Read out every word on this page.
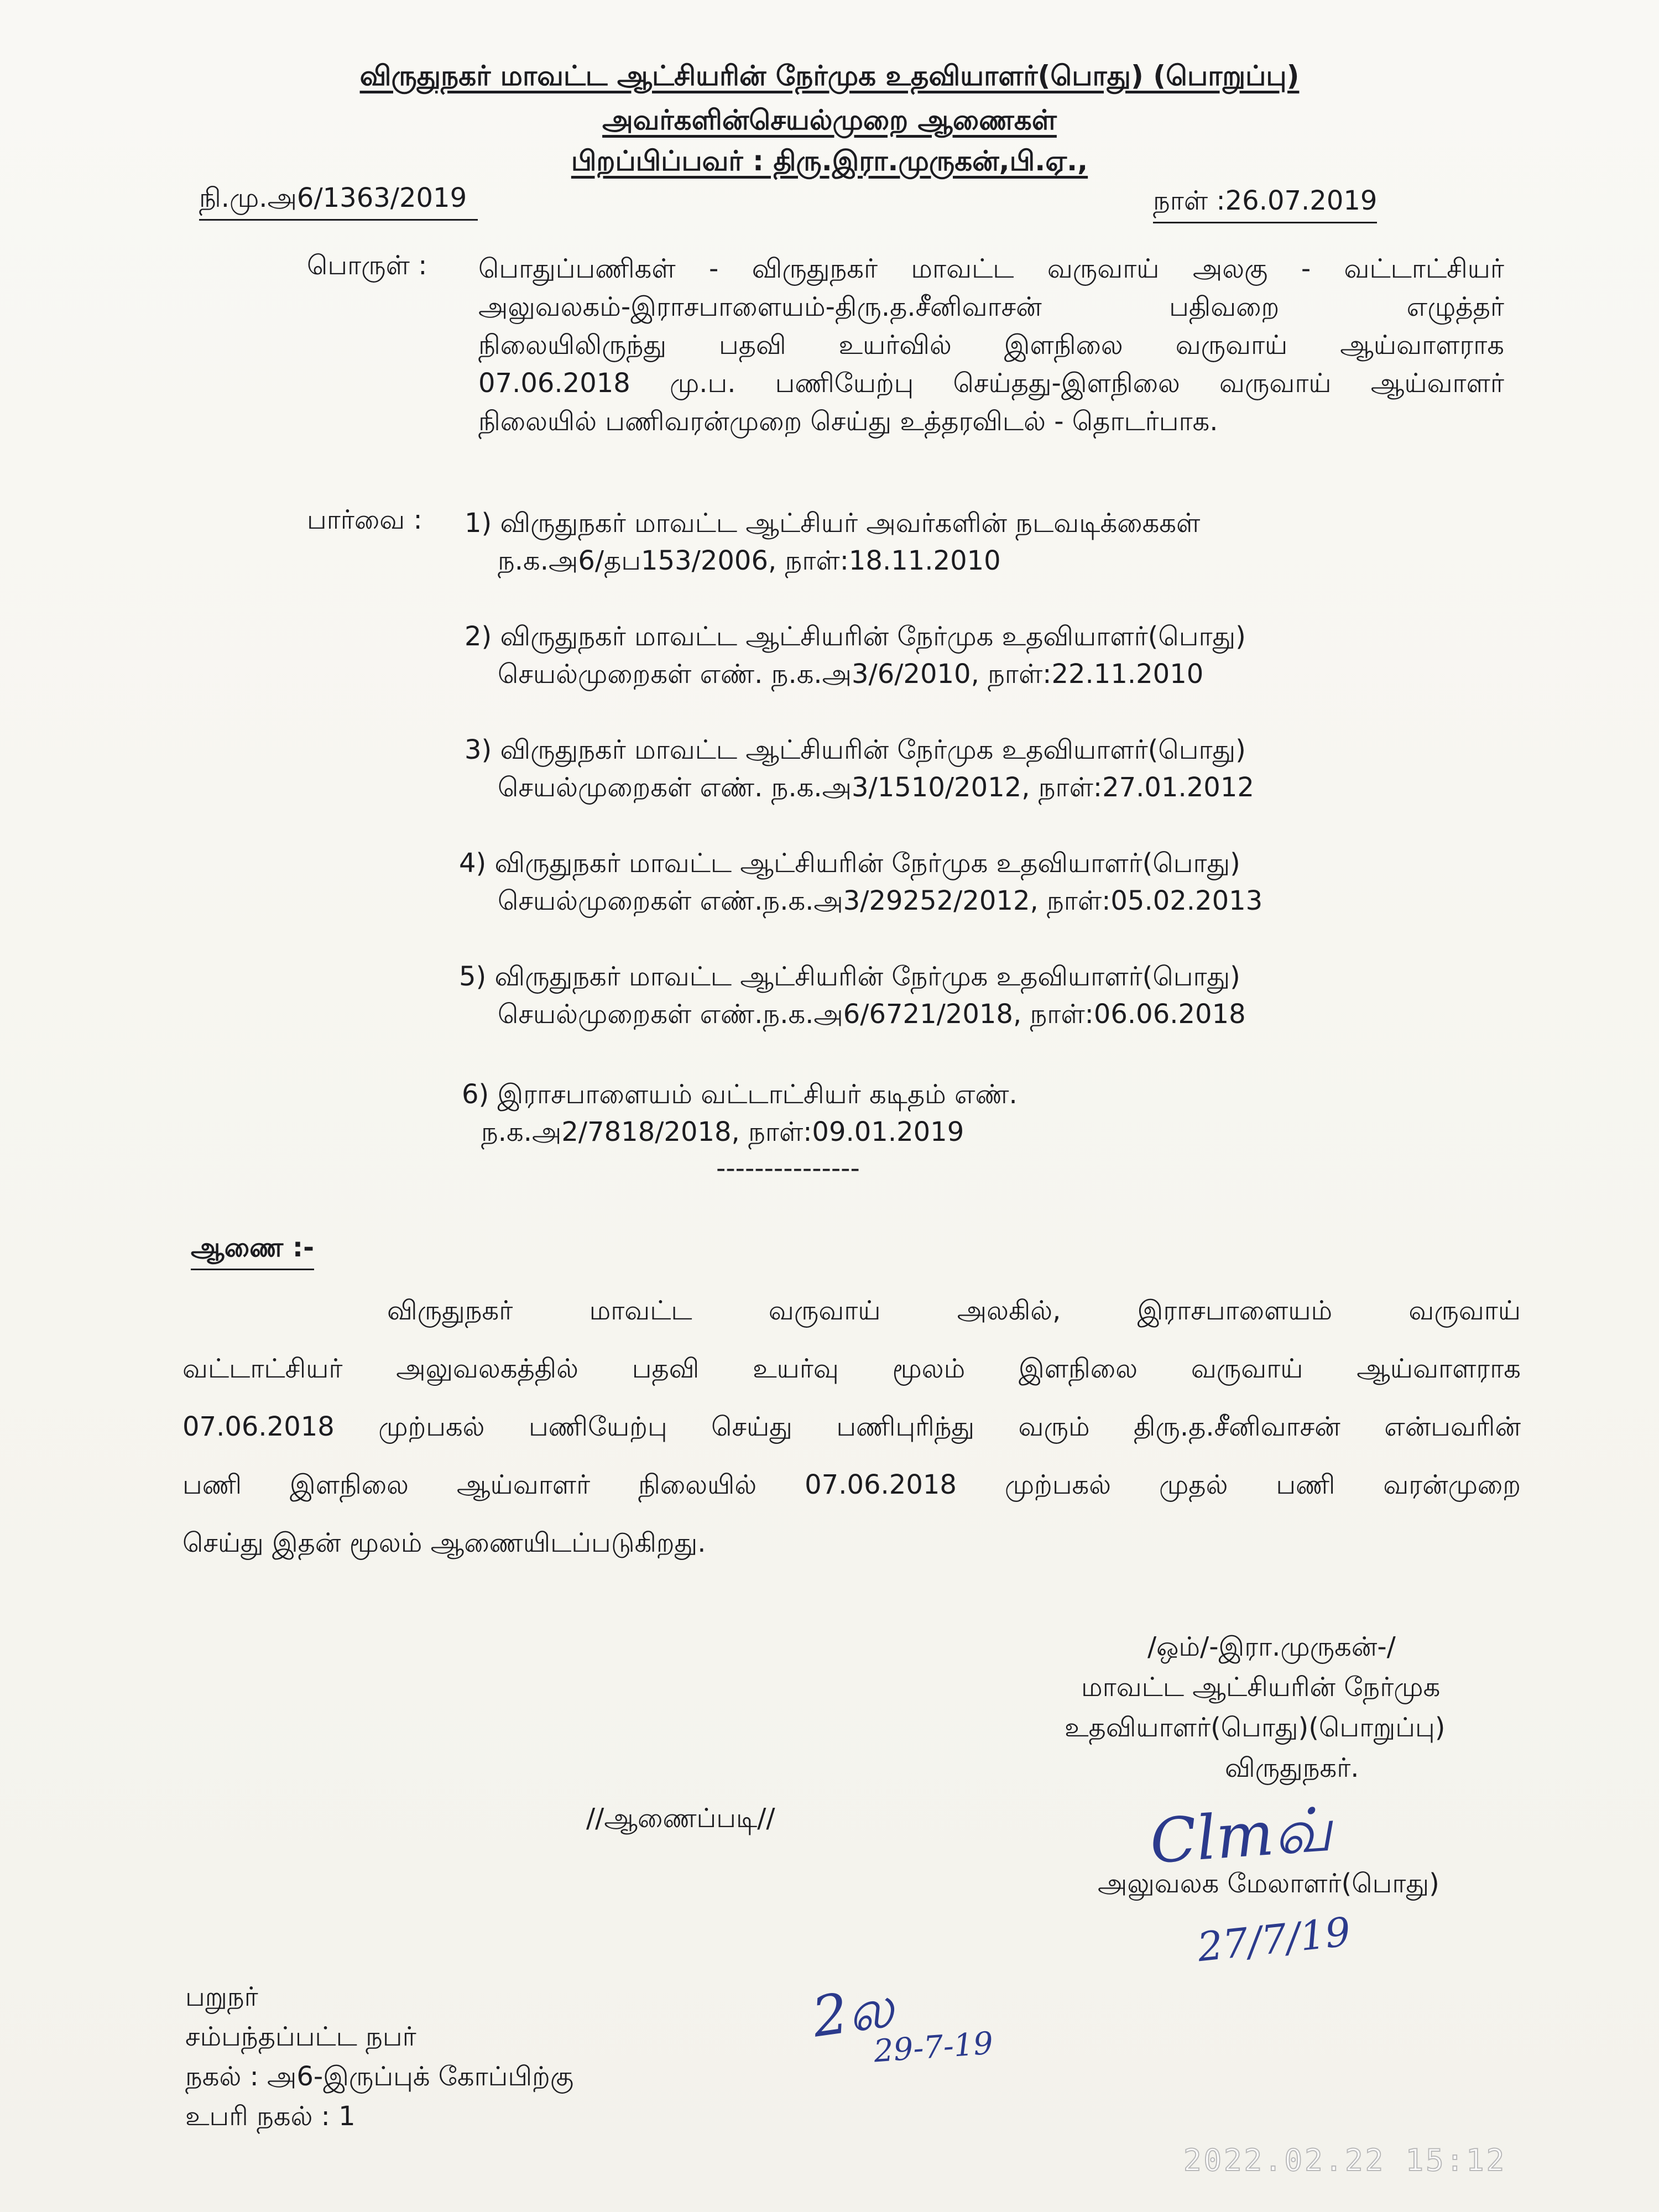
விருதுநகர் மாவட்ட ஆட்சியரின் நேர்முக உதவியாளர்(பொது) (பொறுப்பு)
அவர்களின்செயல்முறை ஆணைகள்
பிறப்பிப்பவர் : திரு.இரா.முருகன்,பி.ஏ.,
நி.மு.அ6/1363/2019	நாள் :26.07.2019
பொருள் : பொதுப்பணிகள் - விருதுநகர் மாவட்ட வருவாய் அலகு - வட்டாட்சியர்
அலுவலகம்-இராசபாளையம்-திரு.த.சீனிவாசன் பதிவறை எழுத்தர்
நிலையிலிருந்து பதவி உயர்வில் இளநிலை வருவாய் ஆய்வாளராக
07.06.2018 மு.ப. பணியேற்பு செய்தது-இளநிலை வருவாய் ஆய்வாளர்
நிலையில் பணிவரன்முறை செய்து உத்தரவிடல் - தொடர்பாக.
பார்வை : 1) விருதுநகர் மாவட்ட ஆட்சியர் அவர்களின் நடவடிக்கைகள்
ந.க.அ6/தப153/2006, நாள்:18.11.2010
2) விருதுநகர் மாவட்ட ஆட்சியரின் நேர்முக உதவியாளர்(பொது)
செயல்முறைகள் எண். ந.க.அ3/6/2010, நாள்:22.11.2010
3) விருதுநகர் மாவட்ட ஆட்சியரின் நேர்முக உதவியாளர்(பொது)
செயல்முறைகள் எண். ந.க.அ3/1510/2012, நாள்:27.01.2012
4) விருதுநகர் மாவட்ட ஆட்சியரின் நேர்முக உதவியாளர்(பொது)
செயல்முறைகள் எண்.ந.க.அ3/29252/2012, நாள்:05.02.2013
5) விருதுநகர் மாவட்ட ஆட்சியரின் நேர்முக உதவியாளர்(பொது)
செயல்முறைகள் எண்.ந.க.அ6/6721/2018, நாள்:06.06.2018
6) இராசபாளையம் வட்டாட்சியர் கடிதம் எண்.
ந.க.அ2/7818/2018, நாள்:09.01.2019
---------------
ஆணை :-
விருதுநகர் மாவட்ட வருவாய் அலகில், இராசபாளையம் வருவாய்
வட்டாட்சியர் அலுவலகத்தில் பதவி உயர்வு மூலம் இளநிலை வருவாய் ஆய்வாளராக
07.06.2018 முற்பகல் பணியேற்பு செய்து பணிபுரிந்து வரும் திரு.த.சீனிவாசன் என்பவரின்
பணி இளநிலை ஆய்வாளர் நிலையில் 07.06.2018 முற்பகல் முதல் பணி வரன்முறை
செய்து இதன் மூலம் ஆணையிடப்படுகிறது.
/ஒம்/-இரா.முருகன்-/
மாவட்ட ஆட்சியரின் நேர்முக
உதவியாளர்(பொது)(பொறுப்பு)
விருதுநகர்.
//ஆணைப்படி//	Clmவ்
அலுவலக மேலாளர்(பொது)
27/7/19
பறுநர்
சம்பந்தப்பட்ட நபர்
நகல் : அ6-இருப்புக் கோப்பிற்கு
உபரி நகல் : 1
2ல
29-7-19
2022.02.22 15:12
